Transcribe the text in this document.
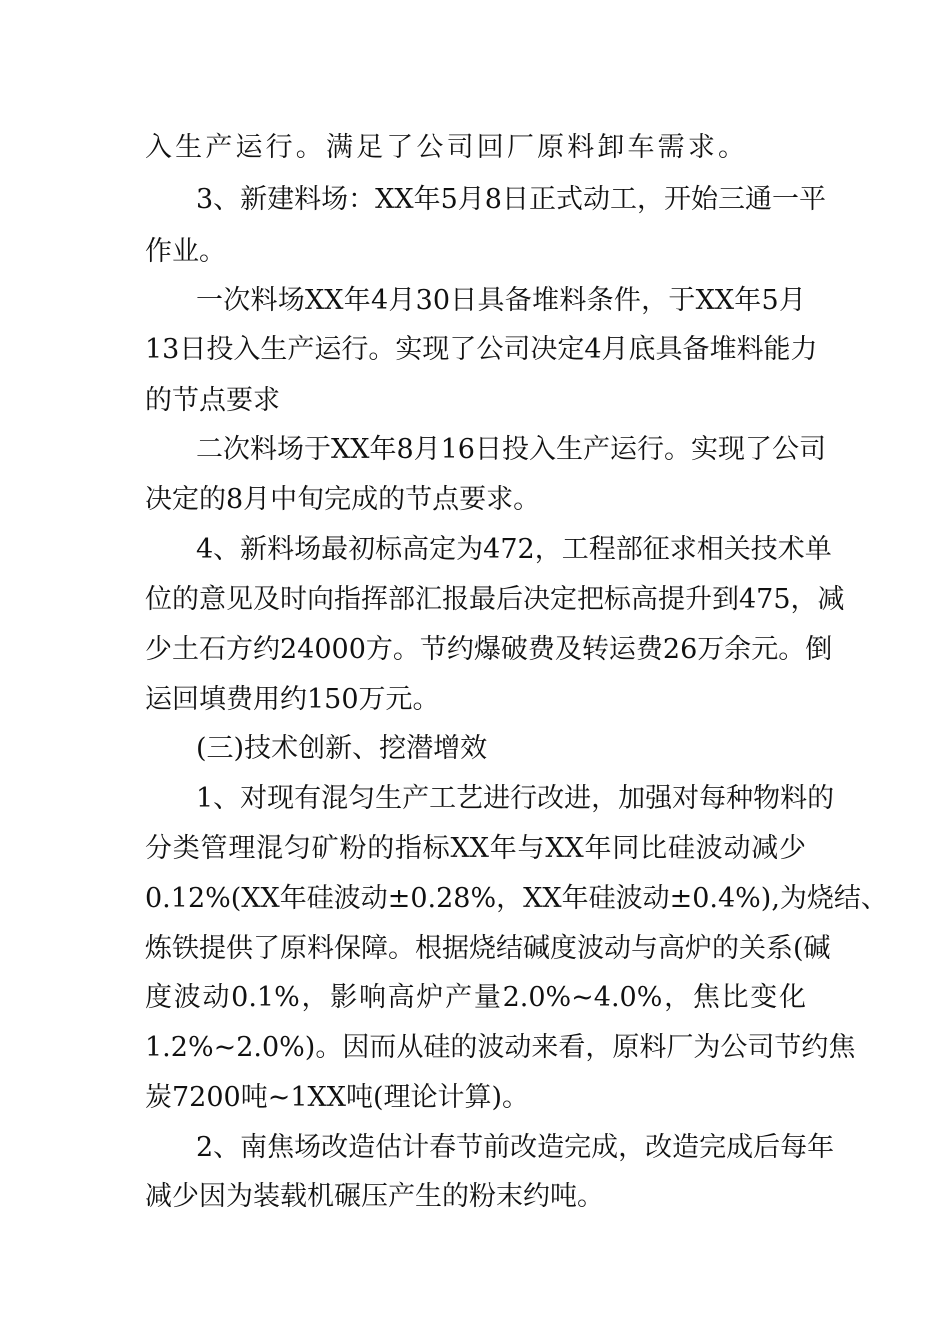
入生产运行。满足了公司回厂原料卸车需求。
3、新建料场：XX年5月8日正式动工，开始三通一平
作业。
一次料场XX年4月30日具备堆料条件，于XX年5月
13日投入生产运行。实现了公司决定4月底具备堆料能力
的节点要求
二次料场于XX年8月16日投入生产运行。实现了公司
决定的8月中旬完成的节点要求。
4、新料场最初标高定为472，工程部征求相关技术单
位的意见及时向指挥部汇报最后决定把标高提升到475，减
少土石方约24000方。节约爆破费及转运费26万余元。倒
运回填费用约150万元。
(三)技术创新、挖潜增效
1、对现有混匀生产工艺进行改进，加强对每种物料的
分类管理混匀矿粉的指标XX年与XX年同比硅波动减少
0.12%(XX年硅波动±0.28%，XX年硅波动±0.4%),为烧结、
炼铁提供了原料保障。根据烧结碱度波动与高炉的关系(碱
度波动0.1%，影响高炉产量2.0%~4.0%，焦比变化
1.2%~2.0%)。因而从硅的波动来看，原料厂为公司节约焦
炭7200吨~1XX吨(理论计算)。
2、南焦场改造估计春节前改造完成，改造完成后每年
减少因为装载机碾压产生的粉末约吨。
